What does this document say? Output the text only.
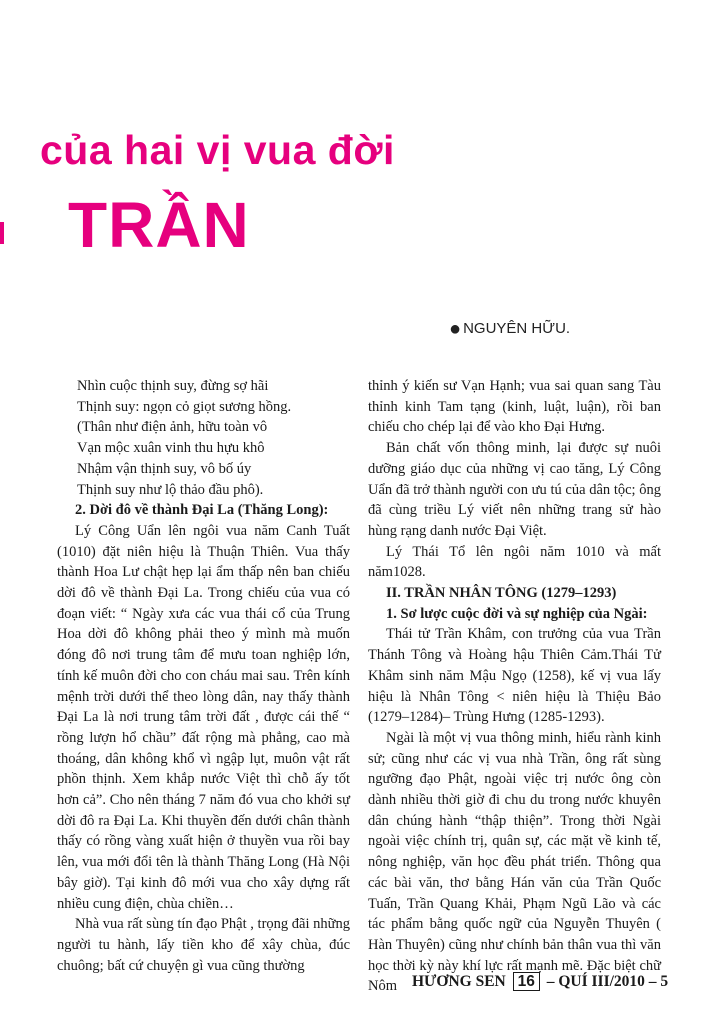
của hai vị vua đời
TRẦN
● NGUYÊN HỮU.

Nhìn cuộc thịnh suy, đừng sợ hãi

Thịnh suy: ngọn cỏ giọt sương hồng.

(Thân như điện ảnh, hữu toàn vô

Vạn mộc xuân vinh thu hựu khô

Nhậm vận thịnh suy, vô bố úy

Thịnh suy như lộ thảo đầu phô).

2. Dời đô về thành Đại La (Thăng Long):

Lý Công Uẩn lên ngôi vua năm Canh Tuất (1010) đặt niên hiệu là Thuận Thiên. Vua thấy thành Hoa Lư chật hẹp lại ẩm thấp nên ban chiếu dời đô về thành Đại La. Trong chiếu của vua có đoạn viết: “ Ngày xưa các vua thái cổ của Trung Hoa dời đô không phải theo ý mình mà muốn đóng đô nơi trung tâm để mưu toan nghiệp lớn, tính kế muôn đời cho con cháu mai sau. Trên kính mệnh trời dưới thể theo lòng dân, nay thấy thành Đại La là nơi trung tâm trời đất , được cái thế “ rồng lượn hổ chầu” đất rộng mà phẳng, cao mà thoáng, dân không khổ vì ngập lụt, muôn vật rất phồn thịnh. Xem khắp nước Việt thì chỗ ấy tốt hơn cả”. Cho nên tháng 7 năm đó vua cho khởi sự dời đô ra Đại La. Khi thuyền đến dưới chân thành thấy có rồng vàng xuất hiện ở thuyền vua rồi bay lên, vua mới đổi tên là thành Thăng Long (Hà Nội bây giờ). Tại kinh đô mới vua cho xây dựng rất nhiều cung điện, chùa chiền…

Nhà vua rất sùng tín đạo Phật , trọng đãi những người tu hành, lấy tiền kho để xây chùa, đúc chuông; bất cứ chuyện gì vua cũng thường

thỉnh ý kiến sư Vạn Hạnh; vua sai quan sang Tàu thỉnh kinh Tam tạng (kinh, luật, luận), rồi ban chiếu cho chép lại để vào kho Đại Hưng.

Bản chất vốn thông minh, lại được sự nuôi dưỡng giáo dục của những vị cao tăng, Lý Công Uẩn đã trở thành người con ưu tú của dân tộc; ông đã cùng triều Lý viết nên những trang sử hào hùng rạng danh nước Đại Việt.

Lý Thái Tổ lên ngôi năm 1010 và mất năm1028.

II. TRẦN NHÂN TÔNG (1279–1293)

1. Sơ lược cuộc đời và sự nghiệp của Ngài:

Thái tử Trần Khâm, con trưởng của vua Trần Thánh Tông và Hoàng hậu Thiên Cảm.Thái Tử Khâm sinh năm Mậu Ngọ (1258), kế vị vua lấy hiệu là Nhân Tông < niên hiệu là Thiệu Bảo (1279–1284)– Trùng Hưng (1285-1293).

Ngài là một vị vua thông minh, hiểu rành kinh sử; cũng như các vị vua nhà Trần, ông rất sùng ngưỡng đạo Phật, ngoài việc trị nước ông còn dành nhiều thời giờ đi chu du trong nước khuyên dân chúng hành “thập thiện”. Trong thời Ngài ngoài việc chính trị, quân sự, các mặt về kinh tế, nông nghiệp, văn học đều phát triển. Thông qua các bài văn, thơ bằng Hán văn của Trần Quốc Tuấn, Trần Quang Khải, Phạm Ngũ Lão và các tác phẩm bằng quốc ngữ của Nguyễn Thuyên ( Hàn Thuyên) cũng như chính bản thân vua thì văn học thời kỳ này khí lực rất mạnh mẽ. Đặc biệt chữ Nôm HƯƠNG SEN 16 – QUÍ III/2010 – 5
